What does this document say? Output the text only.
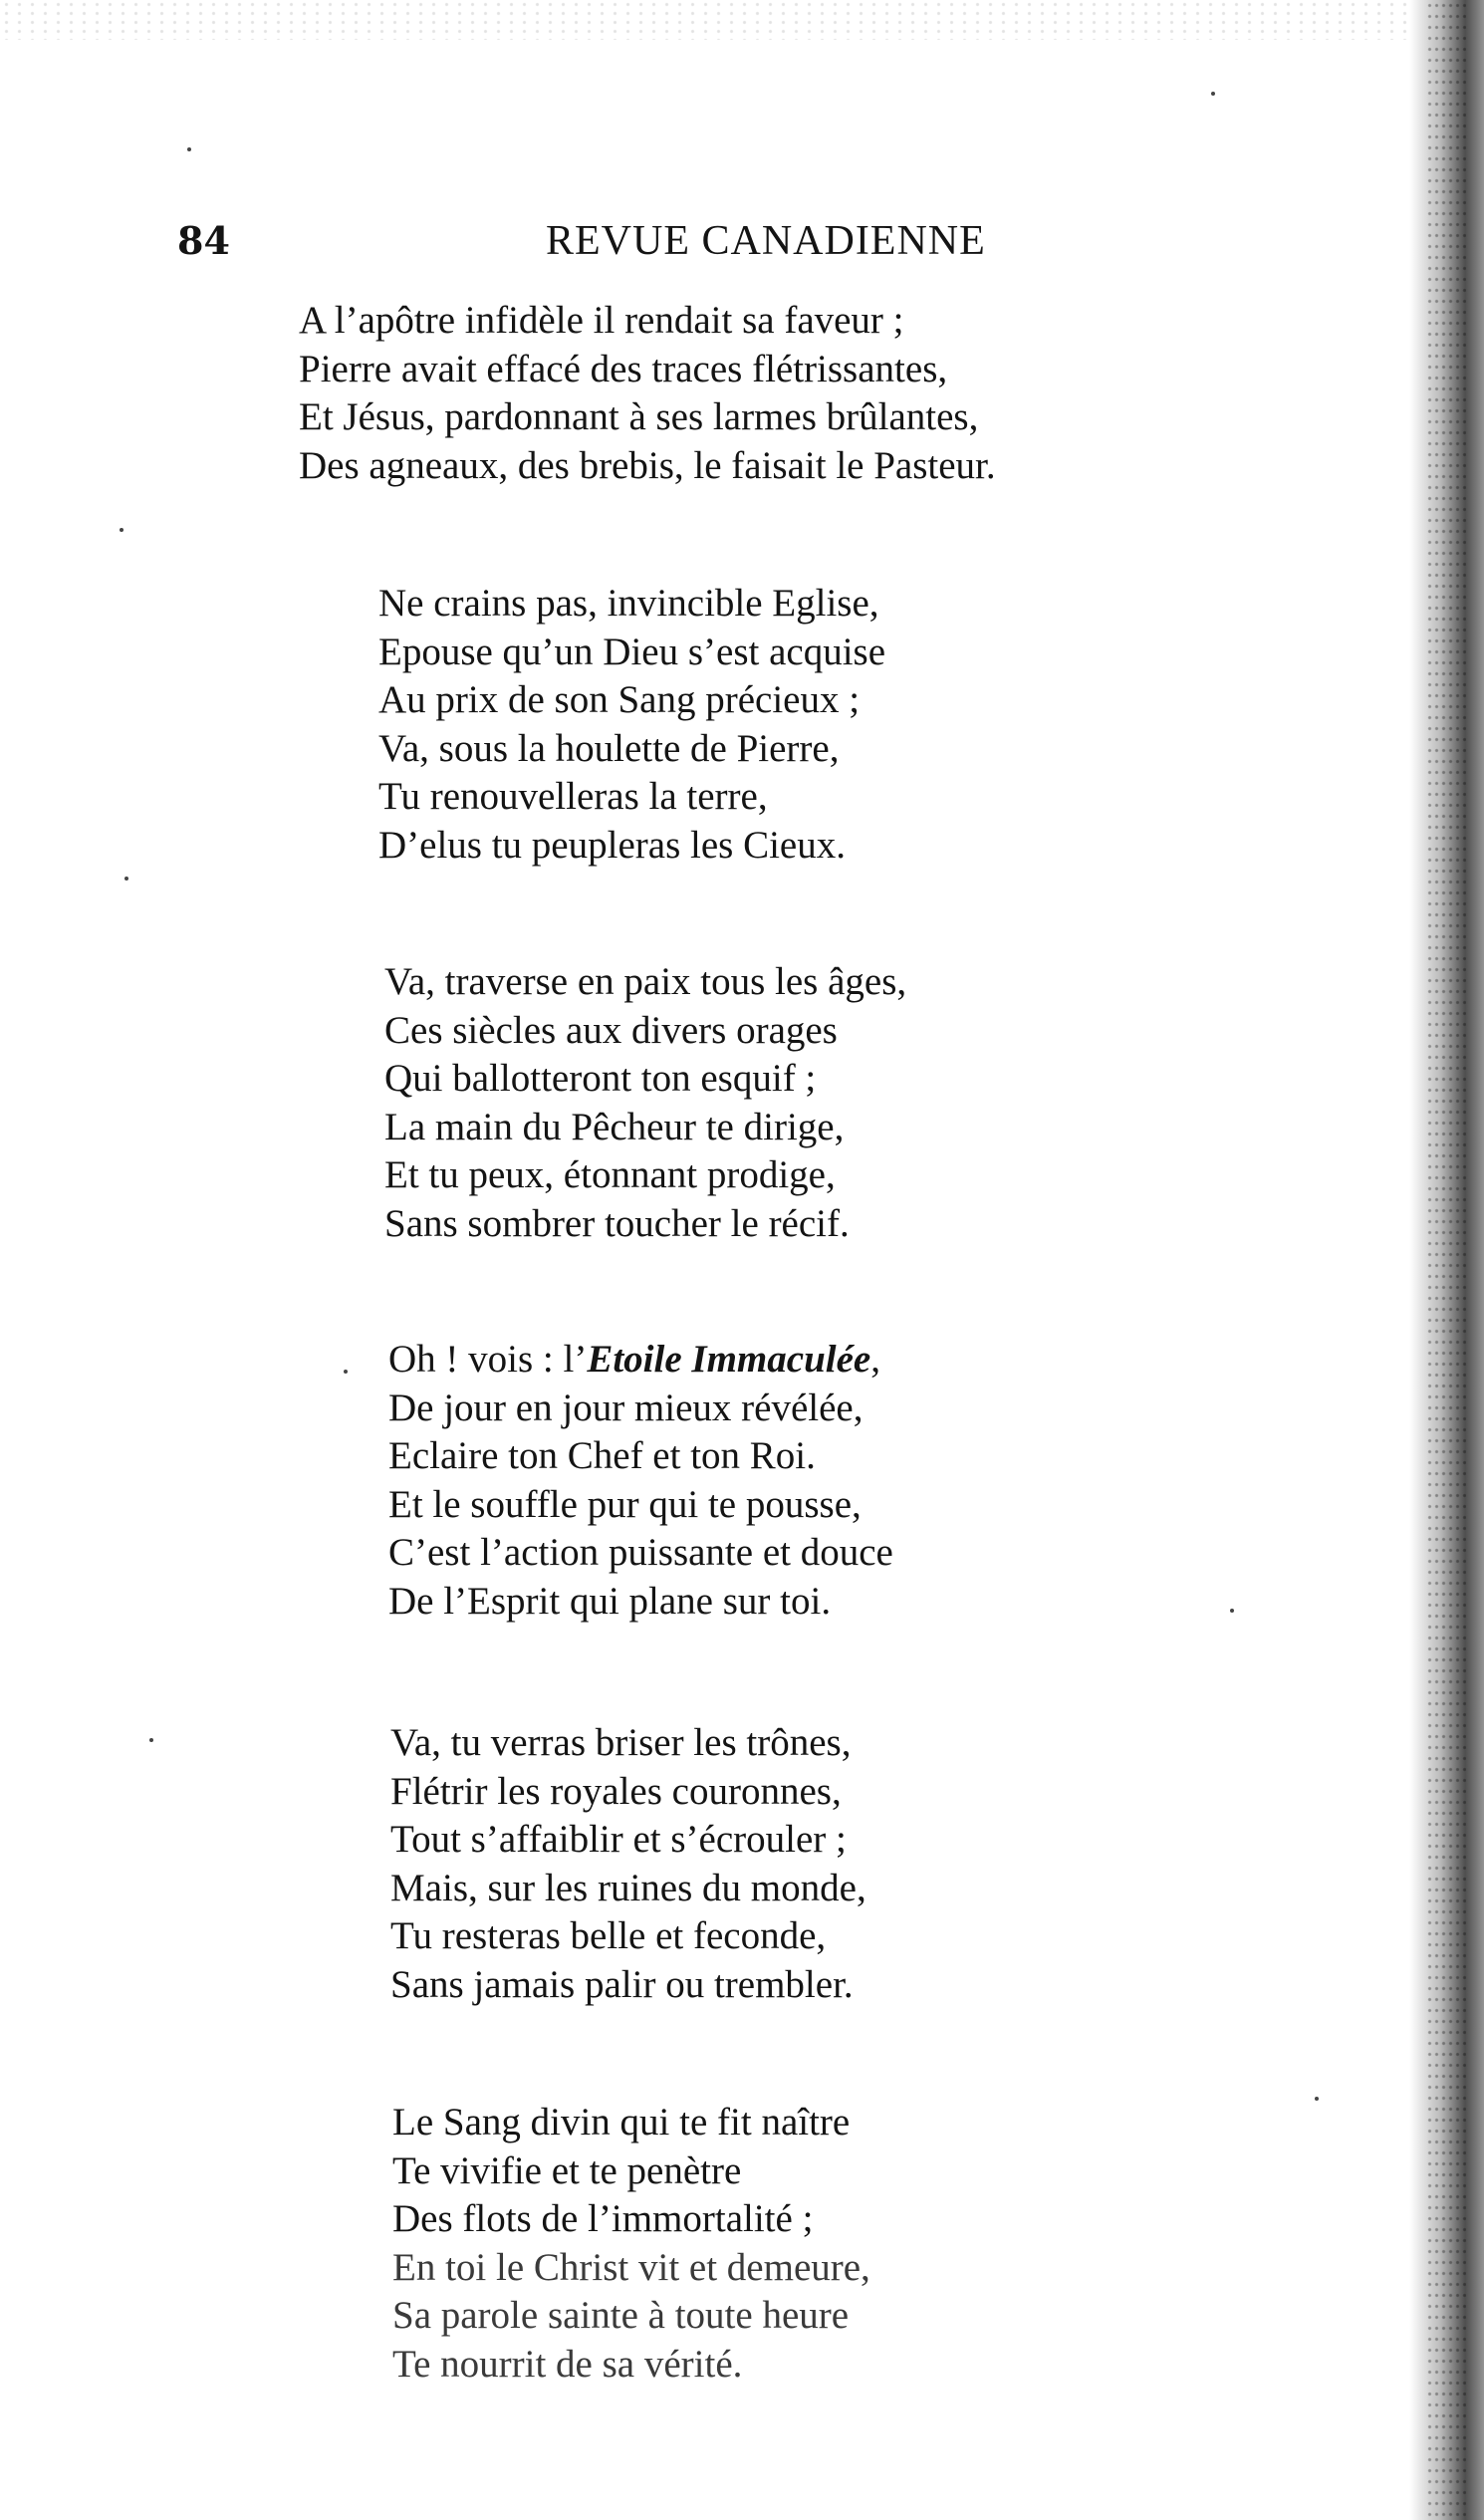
84	REVUE CANADIENNE
A l’apôtre infidèle il rendait sa faveur ;
Pierre avait effacé des traces flétrissantes,
Et Jésus, pardonnant à ses larmes brûlantes,
Des agneaux, des brebis, le faisait le Pasteur.
Ne crains pas, invincible Eglise,
Epouse qu’un Dieu s’est acquise
Au prix de son Sang précieux ;
Va, sous la houlette de Pierre,
Tu renouvelleras la terre,
D’elus tu peupleras les Cieux.
Va, traverse en paix tous les âges,
Ces siècles aux divers orages
Qui ballotteront ton esquif ;
La main du Pêcheur te dirige,
Et tu peux, étonnant prodige,
Sans sombrer toucher le récif.
Oh ! vois : l’Etoile Immaculée,
De jour en jour mieux révélée,
Eclaire ton Chef et ton Roi.
Et le souffle pur qui te pousse,
C’est l’action puissante et douce
De l’Esprit qui plane sur toi.
Va, tu verras briser les trônes,
Flétrir les royales couronnes,
Tout s’affaiblir et s’écrouler ;
Mais, sur les ruines du monde,
Tu resteras belle et feconde,
Sans jamais palir ou trembler.
Le Sang divin qui te fit naître
Te vivifie et te penètre
Des flots de l’immortalité ;
En toi le Christ vit et demeure,
Sa parole sainte à toute heure
Te nourrit de sa vérité.
